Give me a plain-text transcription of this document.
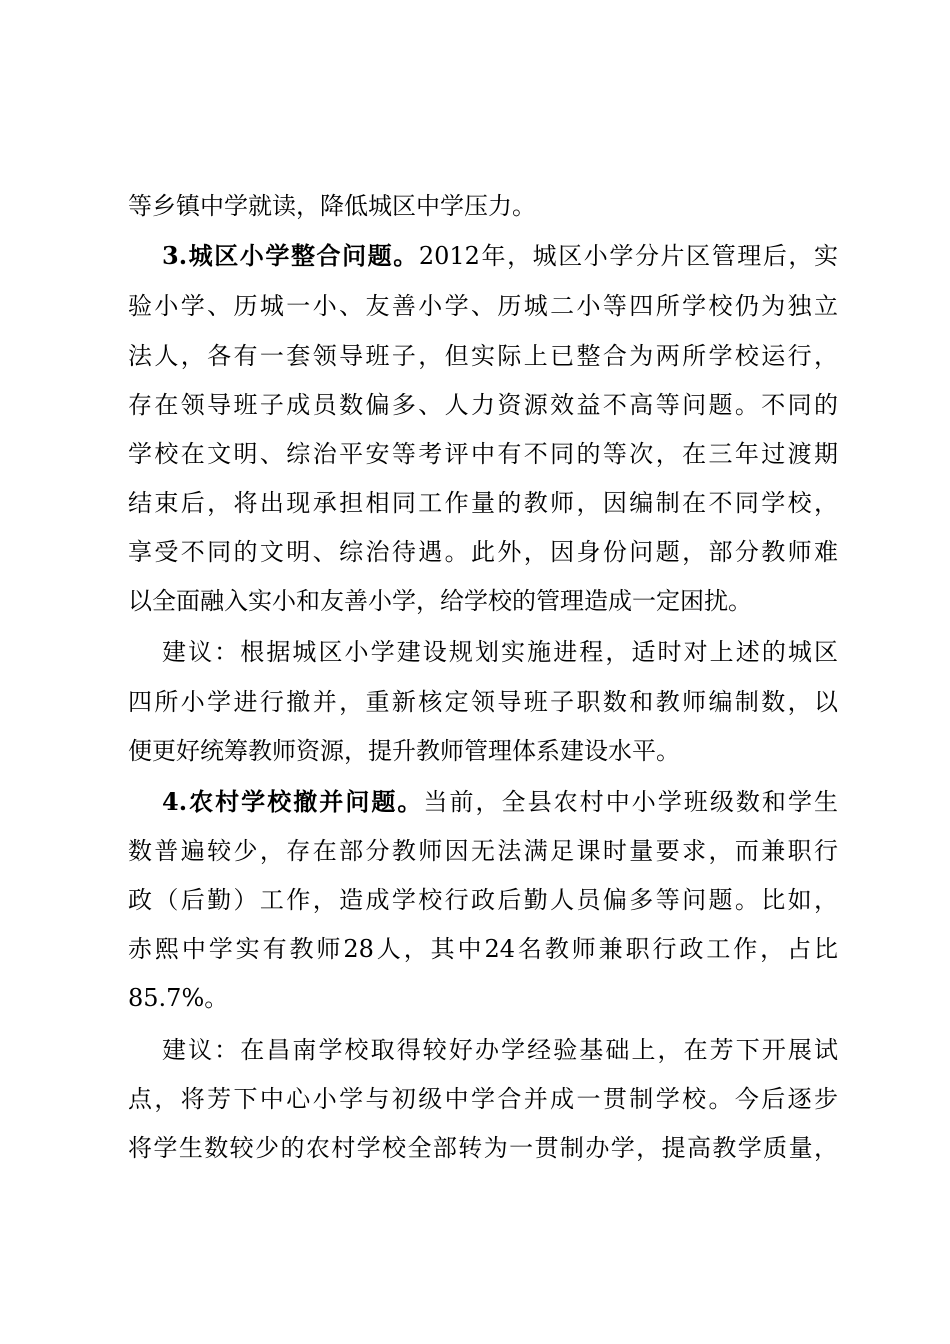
等乡镇中学就读，降低城区中学压力。
3.城区小学整合问题。2012年，城区小学分片区管理后，实
验小学、历城一小、友善小学、历城二小等四所学校仍为独立
法人，各有一套领导班子，但实际上已整合为两所学校运行，
存在领导班子成员数偏多、人力资源效益不高等问题。不同的
学校在文明、综治平安等考评中有不同的等次，在三年过渡期
结束后，将出现承担相同工作量的教师，因编制在不同学校，
享受不同的文明、综治待遇。此外，因身份问题，部分教师难
以全面融入实小和友善小学，给学校的管理造成一定困扰。
建议：根据城区小学建设规划实施进程，适时对上述的城区
四所小学进行撤并，重新核定领导班子职数和教师编制数，以
便更好统筹教师资源，提升教师管理体系建设水平。
4.农村学校撤并问题。当前，全县农村中小学班级数和学生
数普遍较少，存在部分教师因无法满足课时量要求，而兼职行
政（后勤）工作，造成学校行政后勤人员偏多等问题。比如，
赤熙中学实有教师28人，其中24名教师兼职行政工作，占比
85.7%。
建议：在昌南学校取得较好办学经验基础上，在芳下开展试
点，将芳下中心小学与初级中学合并成一贯制学校。今后逐步
将学生数较少的农村学校全部转为一贯制办学，提高教学质量，
